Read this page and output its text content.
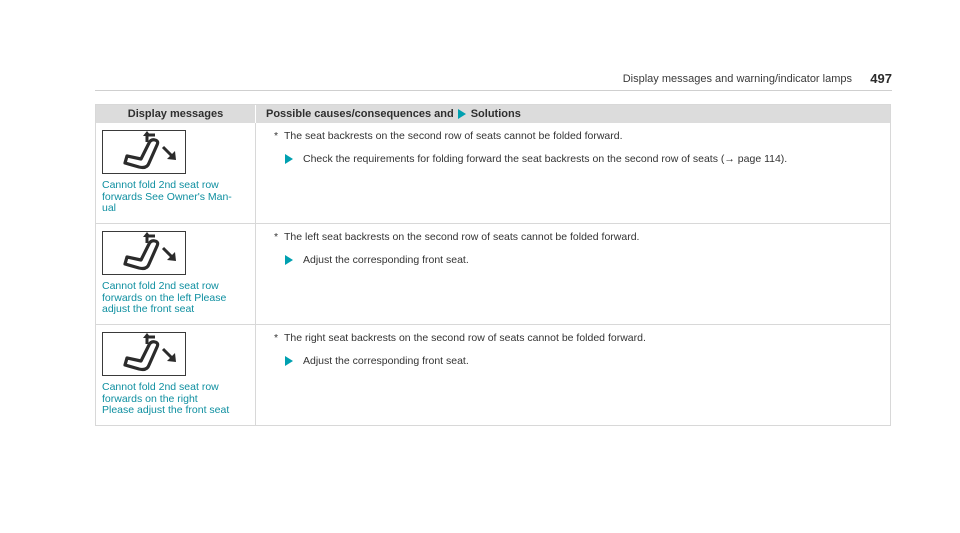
Display messages and warning/indicator lamps 497
Display messages	Possible causes/consequences and Solutions
Cannot fold 2nd seat row
forwards See Owner's Man-
ual
* The seat backrests on the second row of seats cannot be folded forward.
Check the requirements for folding forward the seat backrests on the second row of seats (→ page 114).
Cannot fold 2nd seat row
forwards on the left Please
adjust the front seat
* The left seat backrests on the second row of seats cannot be folded forward.
Adjust the corresponding front seat.
Cannot fold 2nd seat row
forwards on the right
Please adjust the front seat
* The right seat backrests on the second row of seats cannot be folded forward.
Adjust the corresponding front seat.
